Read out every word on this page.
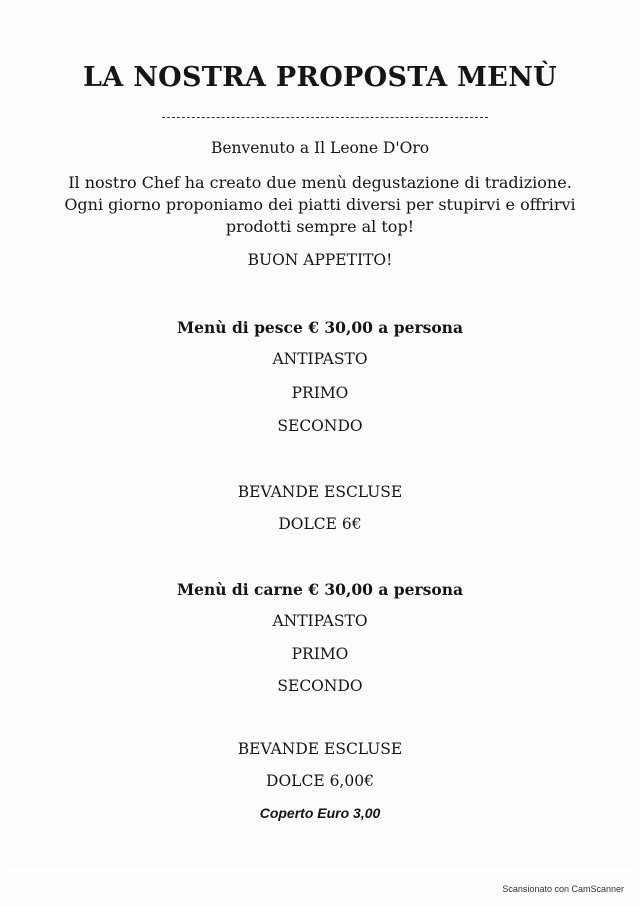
LA NOSTRA PROPOSTA MENÙ
Benvenuto a Il Leone D'Oro
Il nostro Chef ha creato due menù degustazione di tradizione.
Ogni giorno proponiamo dei piatti diversi per stupirvi e offrirvi
prodotti sempre al top!
BUON APPETITO!
Menù di pesce € 30,00 a persona
ANTIPASTO
PRIMO
SECONDO
BEVANDE ESCLUSE
DOLCE 6€
Menù di carne € 30,00 a persona
ANTIPASTO
PRIMO
SECONDO
BEVANDE ESCLUSE
DOLCE 6,00€
Coperto Euro 3,00
Scansionato con CamScanner
